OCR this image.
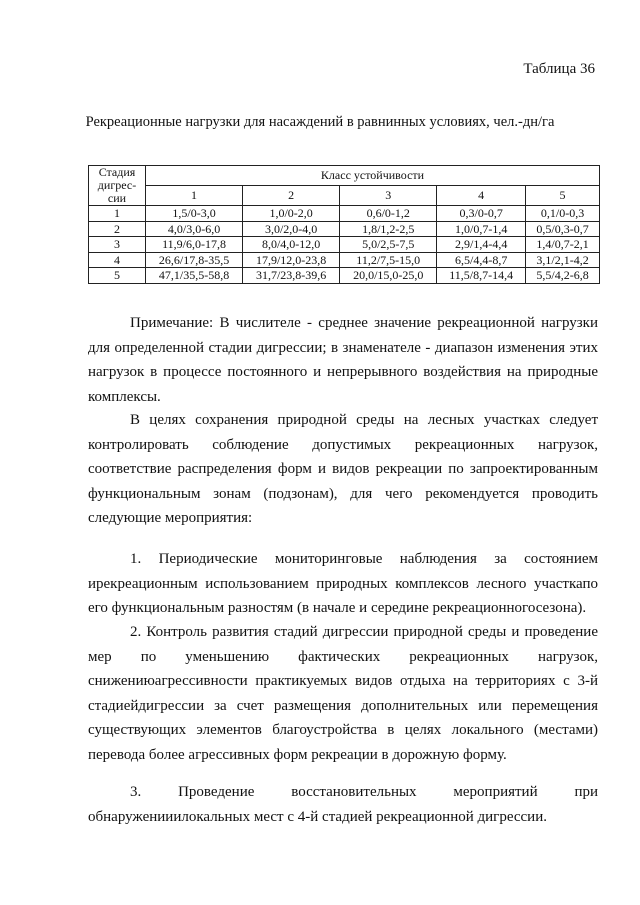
Таблица 36
Рекреационные нагрузки для насаждений в равнинных условиях, чел.-дн/га
Стадия дигрес-сии	Класс устойчивости				
	1	2	3	4	5
1	1,5/0-3,0	1,0/0-2,0	0,6/0-1,2	0,3/0-0,7	0,1/0-0,3
2	4,0/3,0-6,0	3,0/2,0-4,0	1,8/1,2-2,5	1,0/0,7-1,4	0,5/0,3-0,7
3	11,9/6,0-17,8	8,0/4,0-12,0	5,0/2,5-7,5	2,9/1,4-4,4	1,4/0,7-2,1
4	26,6/17,8-35,5	17,9/12,0-23,8	11,2/7,5-15,0	6,5/4,4-8,7	3,1/2,1-4,2
5	47,1/35,5-58,8	31,7/23,8-39,6	20,0/15,0-25,0	11,5/8,7-14,4	5,5/4,2-6,8

Примечание: В числителе - среднее значение рекреационной нагрузки для определенной стадии дигрессии; в знаменателе - диапазон изменения этих нагрузок в процессе постоянного и непрерывного воздействия на природные комплексы.

В целях сохранения природной среды на лесных участках следует контролировать соблюдение допустимых рекреационных нагрузок, соответствие распределения форм и видов рекреации по запроектированным функциональным зонам (подзонам), для чего рекомендуется проводить следующие мероприятия:

1. Периодические мониторинговые наблюдения за состоянием ирекреационным использованием природных комплексов лесного участкапо его функциональным разностям (в начале и середине рекреационногосезона).

2. Контроль развития стадий дигрессии природной среды и проведение мер по уменьшению фактических рекреационных нагрузок, снижениюагрессивности практикуемых видов отдыха на территориях с 3-й стадиейдигрессии за счет размещения дополнительных или перемещения существующих элементов благоустройства в целях локального (местами) перевода более агрессивных форм рекреации в дорожную форму.

3. Проведение восстановительных мероприятий при обнаруженииилокальных мест с 4-й стадией рекреационной дигрессии.
